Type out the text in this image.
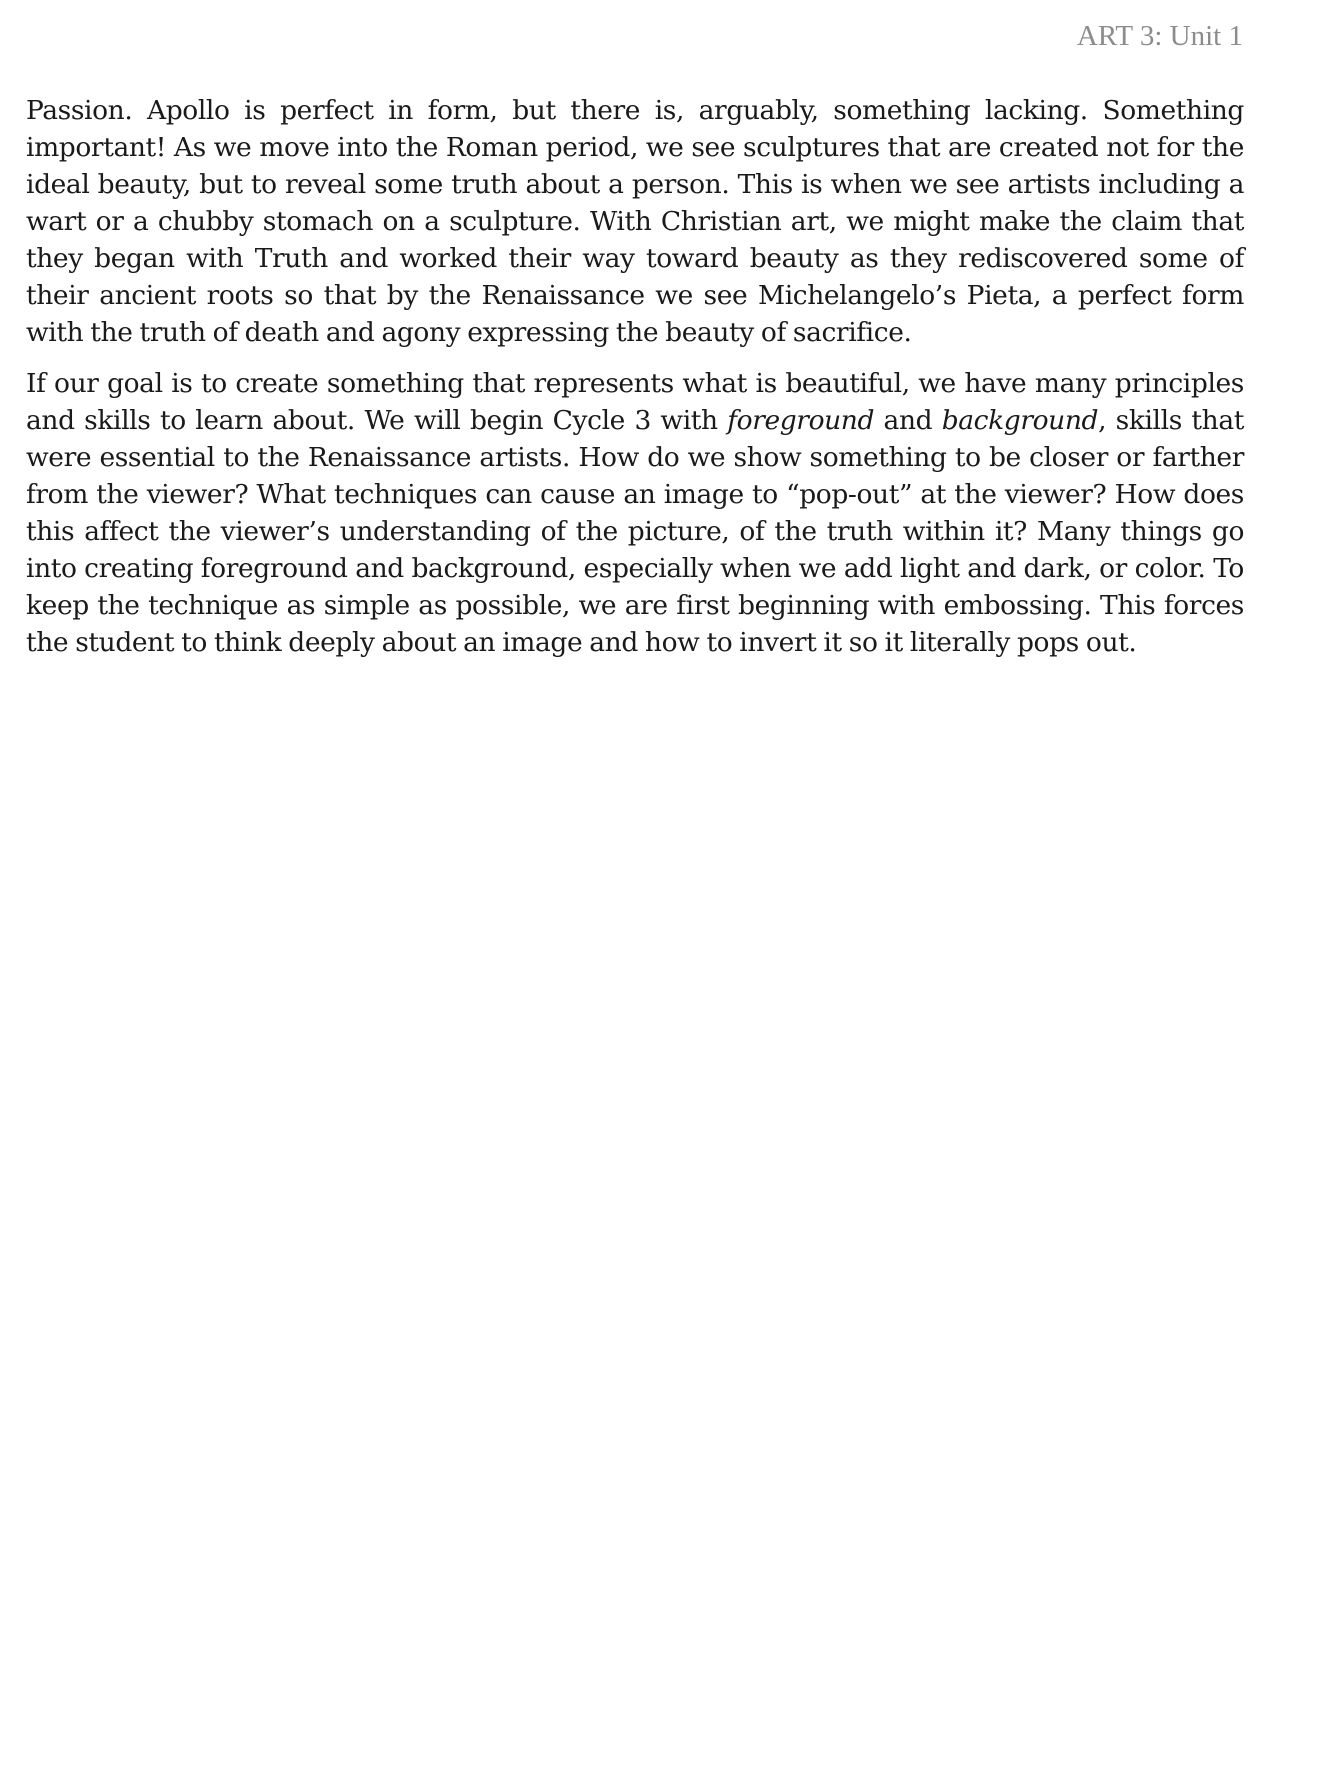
ART 3: Unit 1

Passion. Apollo is perfect in form, but there is, arguably, something lacking. Something important! As we move into the Roman period, we see sculptures that are created not for the ideal beauty, but to reveal some truth about a person. This is when we see artists including a wart or a chubby stomach on a sculpture. With Christian art, we might make the claim that they began with Truth and worked their way toward beauty as they rediscovered some of their ancient roots so that by the Renaissance we see Michelangelo’s Pieta, a perfect form with the truth of death and agony expressing the beauty of sacrifice.

If our goal is to create something that represents what is beautiful, we have many principles and skills to learn about. We will begin Cycle 3 with foreground and background, skills that were essential to the Renaissance artists. How do we show something to be closer or farther from the viewer? What techniques can cause an image to “pop-out” at the viewer? How does this affect the viewer’s understanding of the picture, of the truth within it? Many things go into creating foreground and background, especially when we add light and dark, or color. To keep the technique as simple as possible, we are first beginning with embossing. This forces the student to think deeply about an image and how to invert it so it literally pops out.
